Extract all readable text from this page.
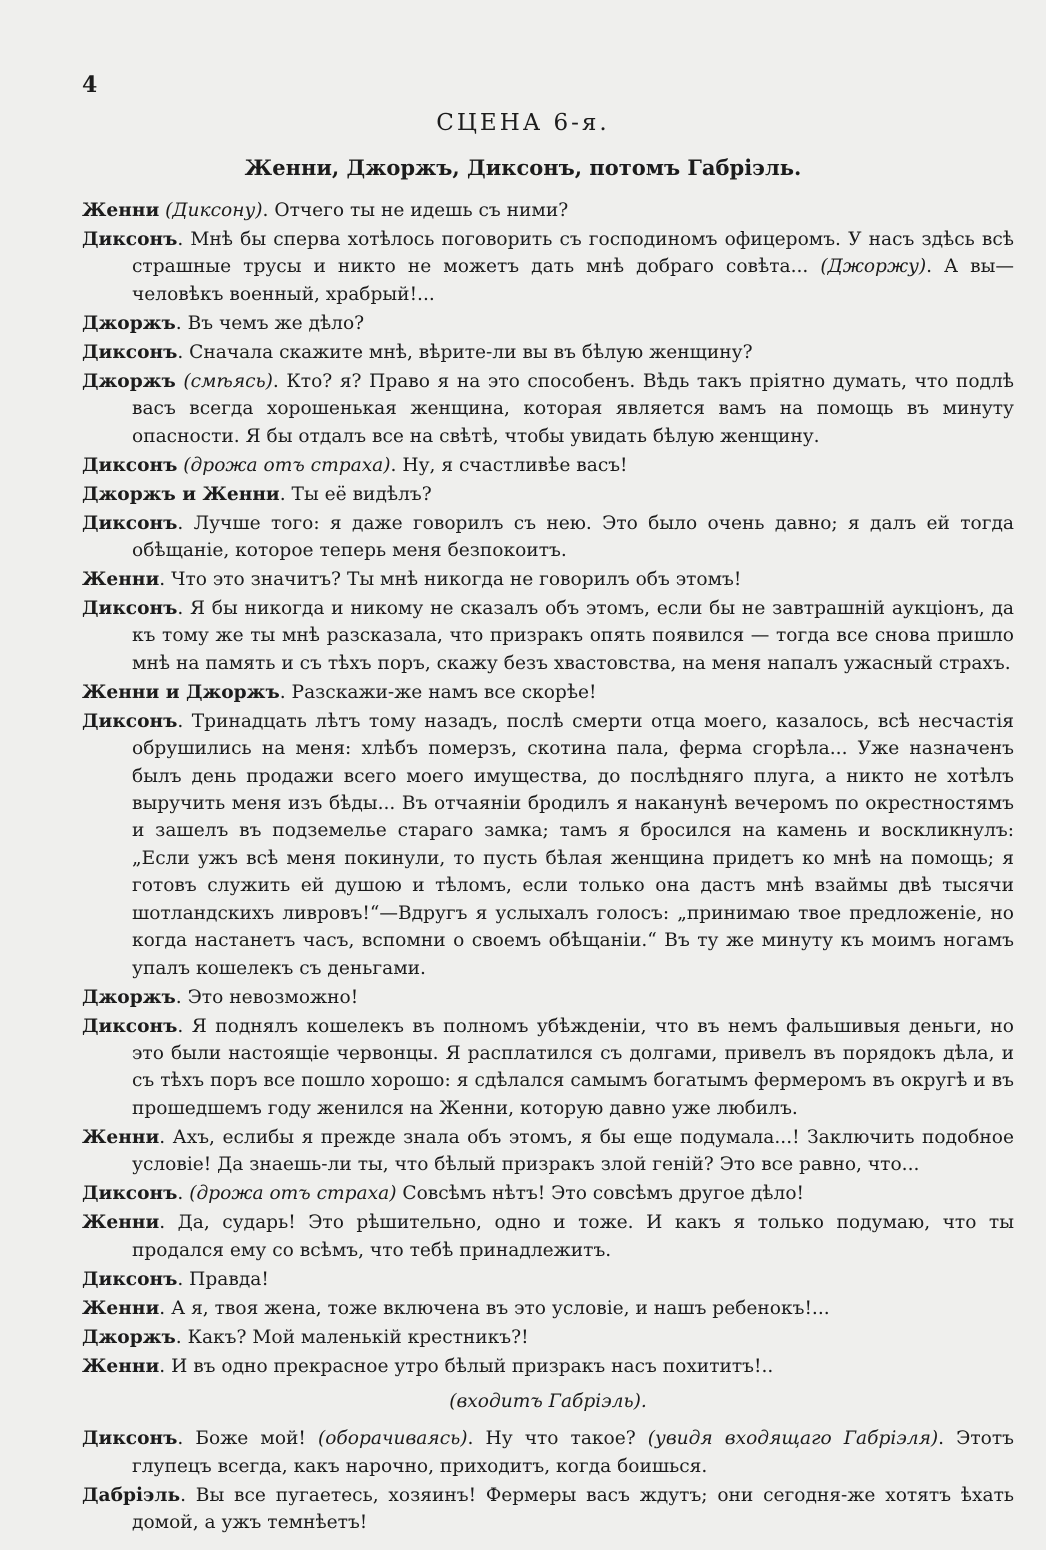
4
СЦЕНА 6-я.
Женни, Джоржъ, Диксонъ, потомъ Габріэль.

Женни (Диксону). Отчего ты не идешь съ ними?

Диксонъ. Мнѣ бы сперва хотѣлось поговорить съ господиномъ офицеромъ. У насъ здѣсь всѣ страшные трусы и никто не можетъ дать мнѣ добраго совѣта... (Джоржу). А вы— человѣкъ военный, храбрый!...

Джоржъ. Въ чемъ же дѣло?

Диксонъ. Сначала скажите мнѣ, вѣрите-ли вы въ бѣлую женщину?

Джоржъ (смѣясь). Кто? я? Право я на это способенъ. Вѣдь такъ пріятно думать, что подлѣ васъ всегда хорошенькая женщина, которая является вамъ на помощь въ минуту опасности. Я бы отдалъ все на свѣтѣ, чтобы увидать бѣлую женщину.

Диксонъ (дрожа отъ страха). Ну, я счастливѣе васъ!

Джоржъ и Женни. Ты её видѣлъ?

Диксонъ. Лучше того: я даже говорилъ съ нею. Это было очень давно; я далъ ей тогда обѣщаніе, которое теперь меня безпокоитъ.

Женни. Что это значитъ? Ты мнѣ никогда не говорилъ объ этомъ!

Диксонъ. Я бы никогда и никому не сказалъ объ этомъ, если бы не завтрашній аукціонъ, да къ тому же ты мнѣ разсказала, что призракъ опять появился — тогда все снова пришло мнѣ на память и съ тѣхъ поръ, скажу безъ хвастовства, на меня напалъ ужасный страхъ.

Женни и Джоржъ. Разскажи-же намъ все скорѣе!

Диксонъ. Тринадцать лѣтъ тому назадъ, послѣ смерти отца моего, казалось, всѣ несчастія обрушились на меня: хлѣбъ померзъ, скотина пала, ферма сгорѣла... Уже назначенъ былъ день продажи всего моего имущества, до послѣдняго плуга, а никто не хотѣлъ выручить меня изъ бѣды... Въ отчаяніи бродилъ я наканунѣ вечеромъ по окрестностямъ и зашелъ въ подземелье стараго замка; тамъ я бросился на камень и воскликнулъ: „Если ужъ всѣ меня покинули, то пусть бѣлая женщина придетъ ко мнѣ на помощь; я готовъ служить ей душою и тѣломъ, если только она дастъ мнѣ взаймы двѣ тысячи шотландскихъ ливровъ!“—Вдругъ я услыхалъ голосъ: „принимаю твое предложеніе, но когда настанетъ часъ, вспомни о своемъ обѣщаніи.“ Въ ту же минуту къ моимъ ногамъ упалъ кошелекъ съ деньгами.

Джоржъ. Это невозможно!

Диксонъ. Я поднялъ кошелекъ въ полномъ убѣжденіи, что въ немъ фальшивыя деньги, но это были настоящіе червонцы. Я расплатился съ долгами, привелъ въ порядокъ дѣла, и съ тѣхъ поръ все пошло хорошо: я сдѣлался самымъ богатымъ фермеромъ въ округѣ и въ прошедшемъ году женился на Женни, которую давно уже любилъ.

Женни. Ахъ, еслибы я прежде знала объ этомъ, я бы еще подумала...! Заключить подобное условіе! Да знаешь-ли ты, что бѣлый призракъ злой геній? Это все равно, что...

Диксонъ. (дрожа отъ страха) Совсѣмъ нѣтъ! Это совсѣмъ другое дѣло!

Женни. Да, сударь! Это рѣшительно, одно и тоже. И какъ я только подумаю, что ты продался ему со всѣмъ, что тебѣ принадлежитъ.

Диксонъ. Правда!

Женни. А я, твоя жена, тоже включена въ это условіе, и нашъ ребенокъ!...

Джоржъ. Какъ? Мой маленькій крестникъ?!

Женни. И въ одно прекрасное утро бѣлый призракъ насъ похититъ!..

(входитъ Габріэль).

Диксонъ. Боже мой! (оборачиваясь). Ну что такое? (увидя входящаго Габріэля). Этотъ глупецъ всегда, какъ нарочно, приходитъ, когда боишься.

Дабріэль. Вы все пугаетесь, хозяинъ! Фермеры васъ ждутъ; они сегодня-же хотятъ ѣхать домой, а ужъ темнѣетъ!
